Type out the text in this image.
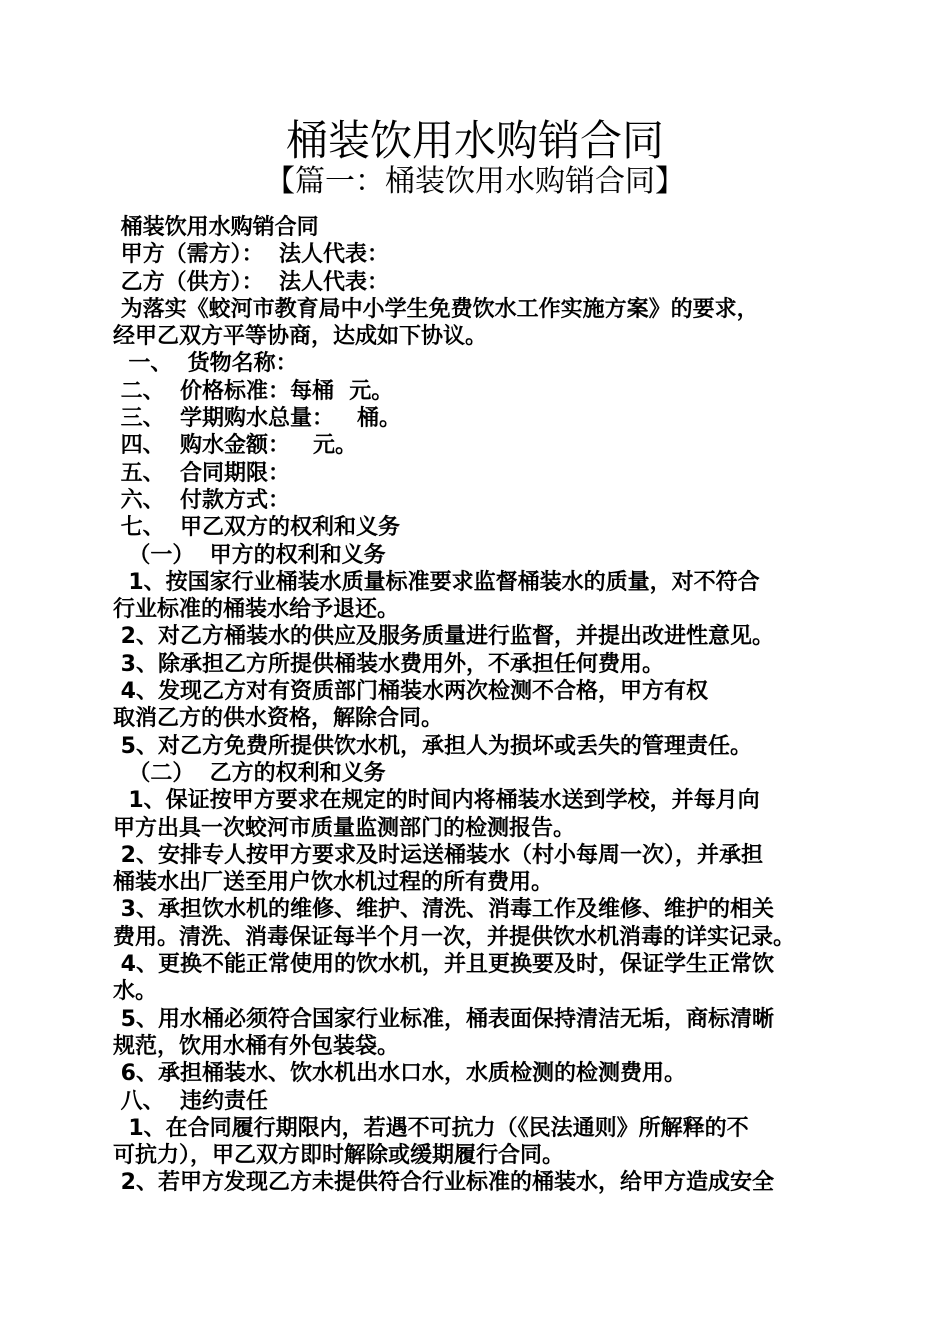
桶装饮用水购销合同
【篇一：桶装饮用水购销合同】
桶装饮用水购销合同
甲方（需方）：  法人代表：
乙方（供方）：  法人代表：
为落实《蛟河市教育局中小学生免费饮水工作实施方案》的要求，
经甲乙双方平等协商，达成如下协议。
一、  货物名称：
二、  价格标准：每桶  元。
三、  学期购水总量：   桶。
四、  购水金额：   元。
五、  合同期限：
六、  付款方式：
七、  甲乙双方的权利和义务
（一）  甲方的权利和义务
1、按国家行业桶装水质量标准要求监督桶装水的质量，对不符合
行业标准的桶装水给予退还。
2、对乙方桶装水的供应及服务质量进行监督，并提出改进性意见。
3、除承担乙方所提供桶装水费用外，不承担任何费用。
4、发现乙方对有资质部门桶装水两次检测不合格，甲方有权
取消乙方的供水资格，解除合同。
5、对乙方免费所提供饮水机，承担人为损坏或丢失的管理责任。
（二）  乙方的权利和义务
1、保证按甲方要求在规定的时间内将桶装水送到学校，并每月向
甲方出具一次蛟河市质量监测部门的检测报告。
2、安排专人按甲方要求及时运送桶装水（村小每周一次），并承担
桶装水出厂送至用户饮水机过程的所有费用。
3、承担饮水机的维修、维护、清洗、消毒工作及维修、维护的相关
费用。清洗、消毒保证每半个月一次，并提供饮水机消毒的详实记录。
4、更换不能正常使用的饮水机，并且更换要及时，保证学生正常饮
水。
5、用水桶必须符合国家行业标准，桶表面保持清洁无垢，商标清晰
规范，饮用水桶有外包装袋。
6、承担桶装水、饮水机出水口水，水质检测的检测费用。
八、  违约责任
1、在合同履行期限内，若遇不可抗力（《民法通则》所解释的不
可抗力），甲乙双方即时解除或缓期履行合同。
2、若甲方发现乙方未提供符合行业标准的桶装水，给甲方造成安全
